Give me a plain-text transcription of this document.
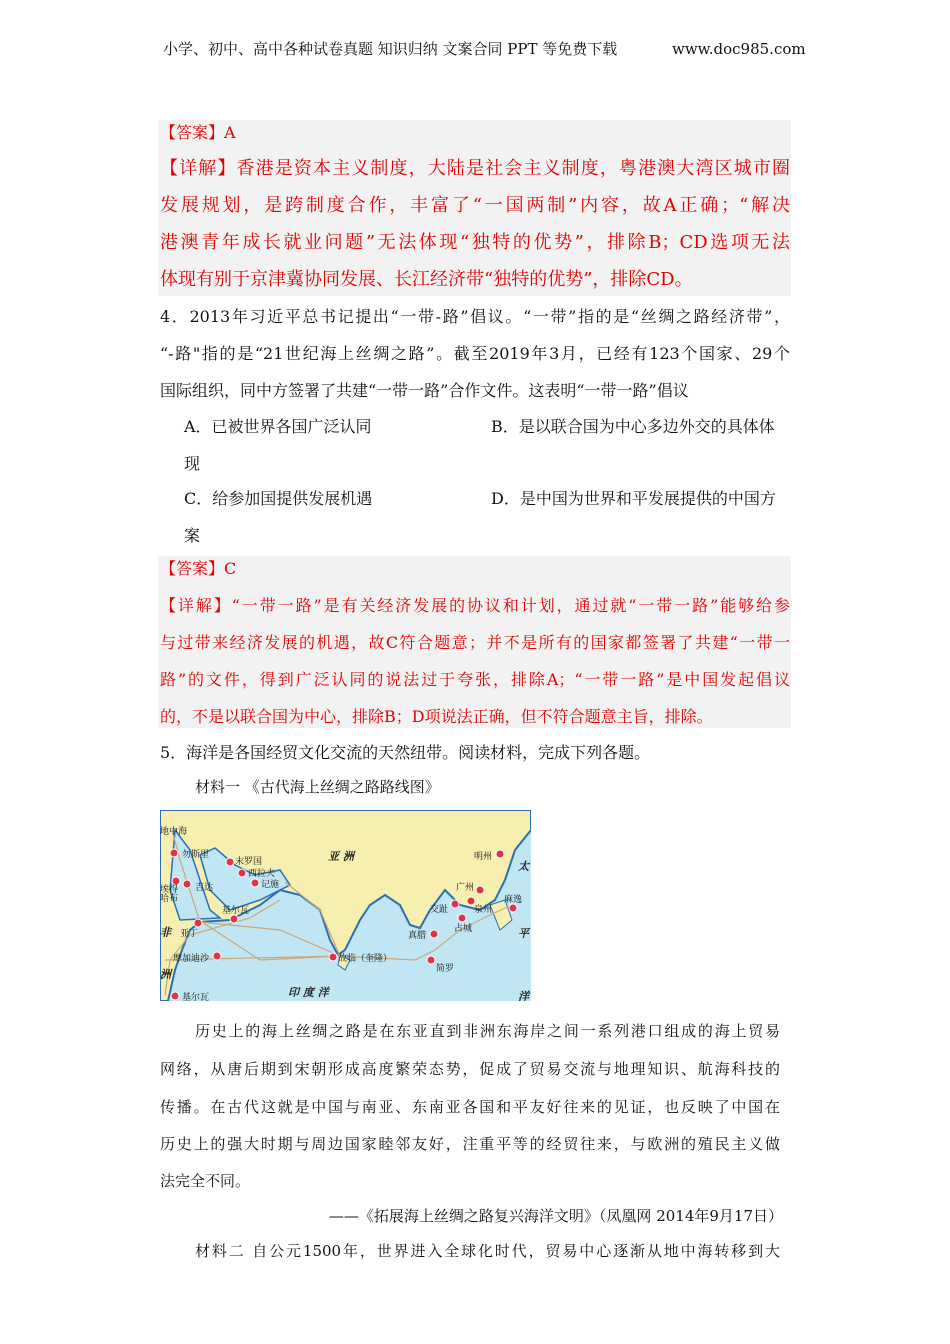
小学、初中、高中各种试卷真题 知识归纳 文案合同 PPT 等免费下载	www.doc985.com
【答案】A
【详解】香港是资本主义制度，大陆是社会主义制度，粤港澳大湾区城市圈
发展规划，是跨制度合作，丰富了“一国两制”内容，故A正确；“解决
港澳青年成长就业问题”无法体现“独特的优势”，排除B；CD选项无法
体现有别于京津冀协同发展、长江经济带“独特的优势”，排除CD。
4．2013年习近平总书记提出“一带-路”倡议。“一带”指的是“丝绸之路经济带”，
“-路"指的是“21世纪海上丝绸之路”。截至2019年3月，已经有123个国家、29个
国际组织，同中方签署了共建“一带一路”合作文件。这表明“一带一路”倡议
A．已被世界各国广泛认同	B．是以联合国为中心多边外交的具体体
现
C．给参加国提供发展机遇	D．是中国为世界和平发展提供的中国方
案
【答案】C
【详解】“一带一路”是有关经济发展的协议和计划，通过就“一带一路”能够给参
与过带来经济发展的机遇，故C符合题意；并不是所有的国家都签署了共建“一带一
路”的文件，得到广泛认同的说法过于夸张，排除A；“一带一路”是中国发起倡议
的，不是以联合国为中心，排除B；D项说法正确，但不符合题意主旨，排除。
5．海洋是各国经贸文化交流的天然纽带。阅读材料，完成下列各题。
材料一 《古代海上丝绸之路路线图》
亚 洲
非
洲
印 度 洋
太
平
洋
地中海
勿斯里
末罗国
西拉夫
记施
吉达
埃得哈布
基尔瓦
亚丁
摩加迪沙	故临（奎隆）
真腊
简罗
交趾
广州
泉州
占城
明州
麻逸
基尔瓦
历史上的海上丝绸之路是在东亚直到非洲东海岸之间一系列港口组成的海上贸易
网络，从唐后期到宋朝形成高度繁荣态势，促成了贸易交流与地理知识、航海科技的
传播。在古代这就是中国与南亚、东南亚各国和平友好往来的见证，也反映了中国在
历史上的强大时期与周边国家睦邻友好，注重平等的经贸往来，与欧洲的殖民主义做
法完全不同。
——《拓展海上丝绸之路复兴海洋文明》（凤凰网 2014年9月17日）
材料二 自公元1500年，世界进入全球化时代，贸易中心逐渐从地中海转移到大
